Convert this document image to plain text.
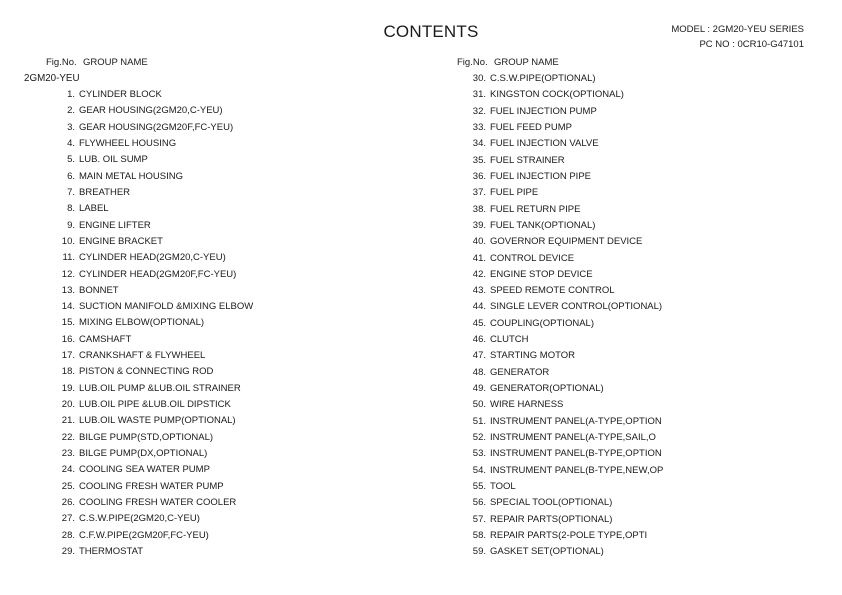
CONTENTS	MODEL : 2GM20-YEU SERIES
PC NO : 0CR10-G47101
Fig.No. GROUP NAME	Fig.No. GROUP NAME
2GM20-YEU
1. CYLINDER BLOCK
2. GEAR HOUSING(2GM20,C-YEU)
3. GEAR HOUSING(2GM20F,FC-YEU)
4. FLYWHEEL HOUSING
5. LUB. OIL SUMP
6. MAIN METAL HOUSING
7. BREATHER
8. LABEL
9. ENGINE LIFTER
10. ENGINE BRACKET
11. CYLINDER HEAD(2GM20,C-YEU)
12. CYLINDER HEAD(2GM20F,FC-YEU)
13. BONNET
14. SUCTION MANIFOLD &MIXING ELBOW
15. MIXING ELBOW(OPTIONAL)
16. CAMSHAFT
17. CRANKSHAFT & FLYWHEEL
18. PISTON & CONNECTING ROD
19. LUB.OIL PUMP &LUB.OIL STRAINER
20. LUB.OIL PIPE &LUB.OIL DIPSTICK
21. LUB.OIL WASTE PUMP(OPTIONAL)
22. BILGE PUMP(STD,OPTIONAL)
23. BILGE PUMP(DX,OPTIONAL)
24. COOLING SEA WATER PUMP
25. COOLING FRESH WATER PUMP
26. COOLING FRESH WATER COOLER
27. C.S.W.PIPE(2GM20,C-YEU)
28. C.F.W.PIPE(2GM20F,FC-YEU)
29. THERMOSTAT
30. C.S.W.PIPE(OPTIONAL)
31. KINGSTON COCK(OPTIONAL)
32. FUEL INJECTION PUMP
33. FUEL FEED PUMP
34. FUEL INJECTION VALVE
35. FUEL STRAINER
36. FUEL INJECTION PIPE
37. FUEL PIPE
38. FUEL RETURN PIPE
39. FUEL TANK(OPTIONAL)
40. GOVERNOR EQUIPMENT DEVICE
41. CONTROL DEVICE
42. ENGINE STOP DEVICE
43. SPEED REMOTE CONTROL
44. SINGLE LEVER CONTROL(OPTIONAL)
45. COUPLING(OPTIONAL)
46. CLUTCH
47. STARTING MOTOR
48. GENERATOR
49. GENERATOR(OPTIONAL)
50. WIRE HARNESS
51. INSTRUMENT PANEL(A-TYPE,OPTION
52. INSTRUMENT PANEL(A-TYPE,SAIL,O
53. INSTRUMENT PANEL(B-TYPE,OPTION
54. INSTRUMENT PANEL(B-TYPE,NEW,OP
55. TOOL
56. SPECIAL TOOL(OPTIONAL)
57. REPAIR PARTS(OPTIONAL)
58. REPAIR PARTS(2-POLE TYPE,OPTI
59. GASKET SET(OPTIONAL)
